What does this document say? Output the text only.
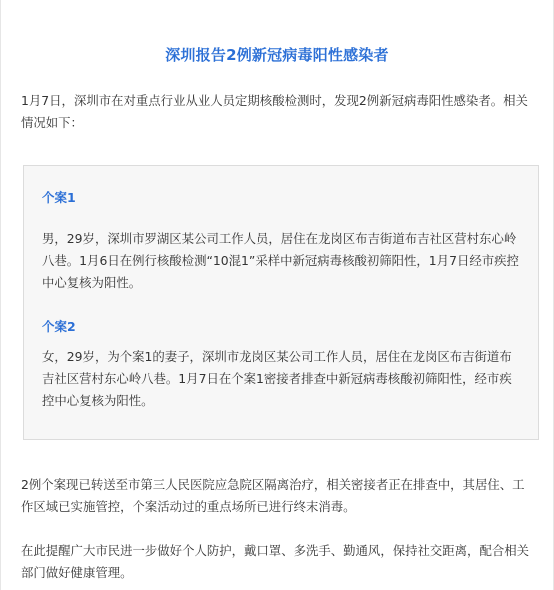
深圳报告2例新冠病毒阳性感染者

1月7日，深圳市在对重点行业从业人员定期核酸检测时，发现2例新冠病毒阳性感染者。相关情况如下：

个案1

男，29岁，深圳市罗湖区某公司工作人员，居住在龙岗区布吉街道布吉社区营村东心岭八巷。1月6日在例行核酸检测“10混1”采样中新冠病毒核酸初筛阳性，1月7日经市疾控中心复核为阳性。

个案2

女，29岁，为个案1的妻子，深圳市龙岗区某公司工作人员，居住在龙岗区布吉街道布吉社区营村东心岭八巷。1月7日在个案1密接者排查中新冠病毒核酸初筛阳性，经市疾控中心复核为阳性。

2例个案现已转送至市第三人民医院应急院区隔离治疗，相关密接者正在排查中，其居住、工作区域已实施管控，个案活动过的重点场所已进行终末消毒。

在此提醒广大市民进一步做好个人防护，戴口罩、多洗手、勤通风，保持社交距离，配合相关部门做好健康管理。
